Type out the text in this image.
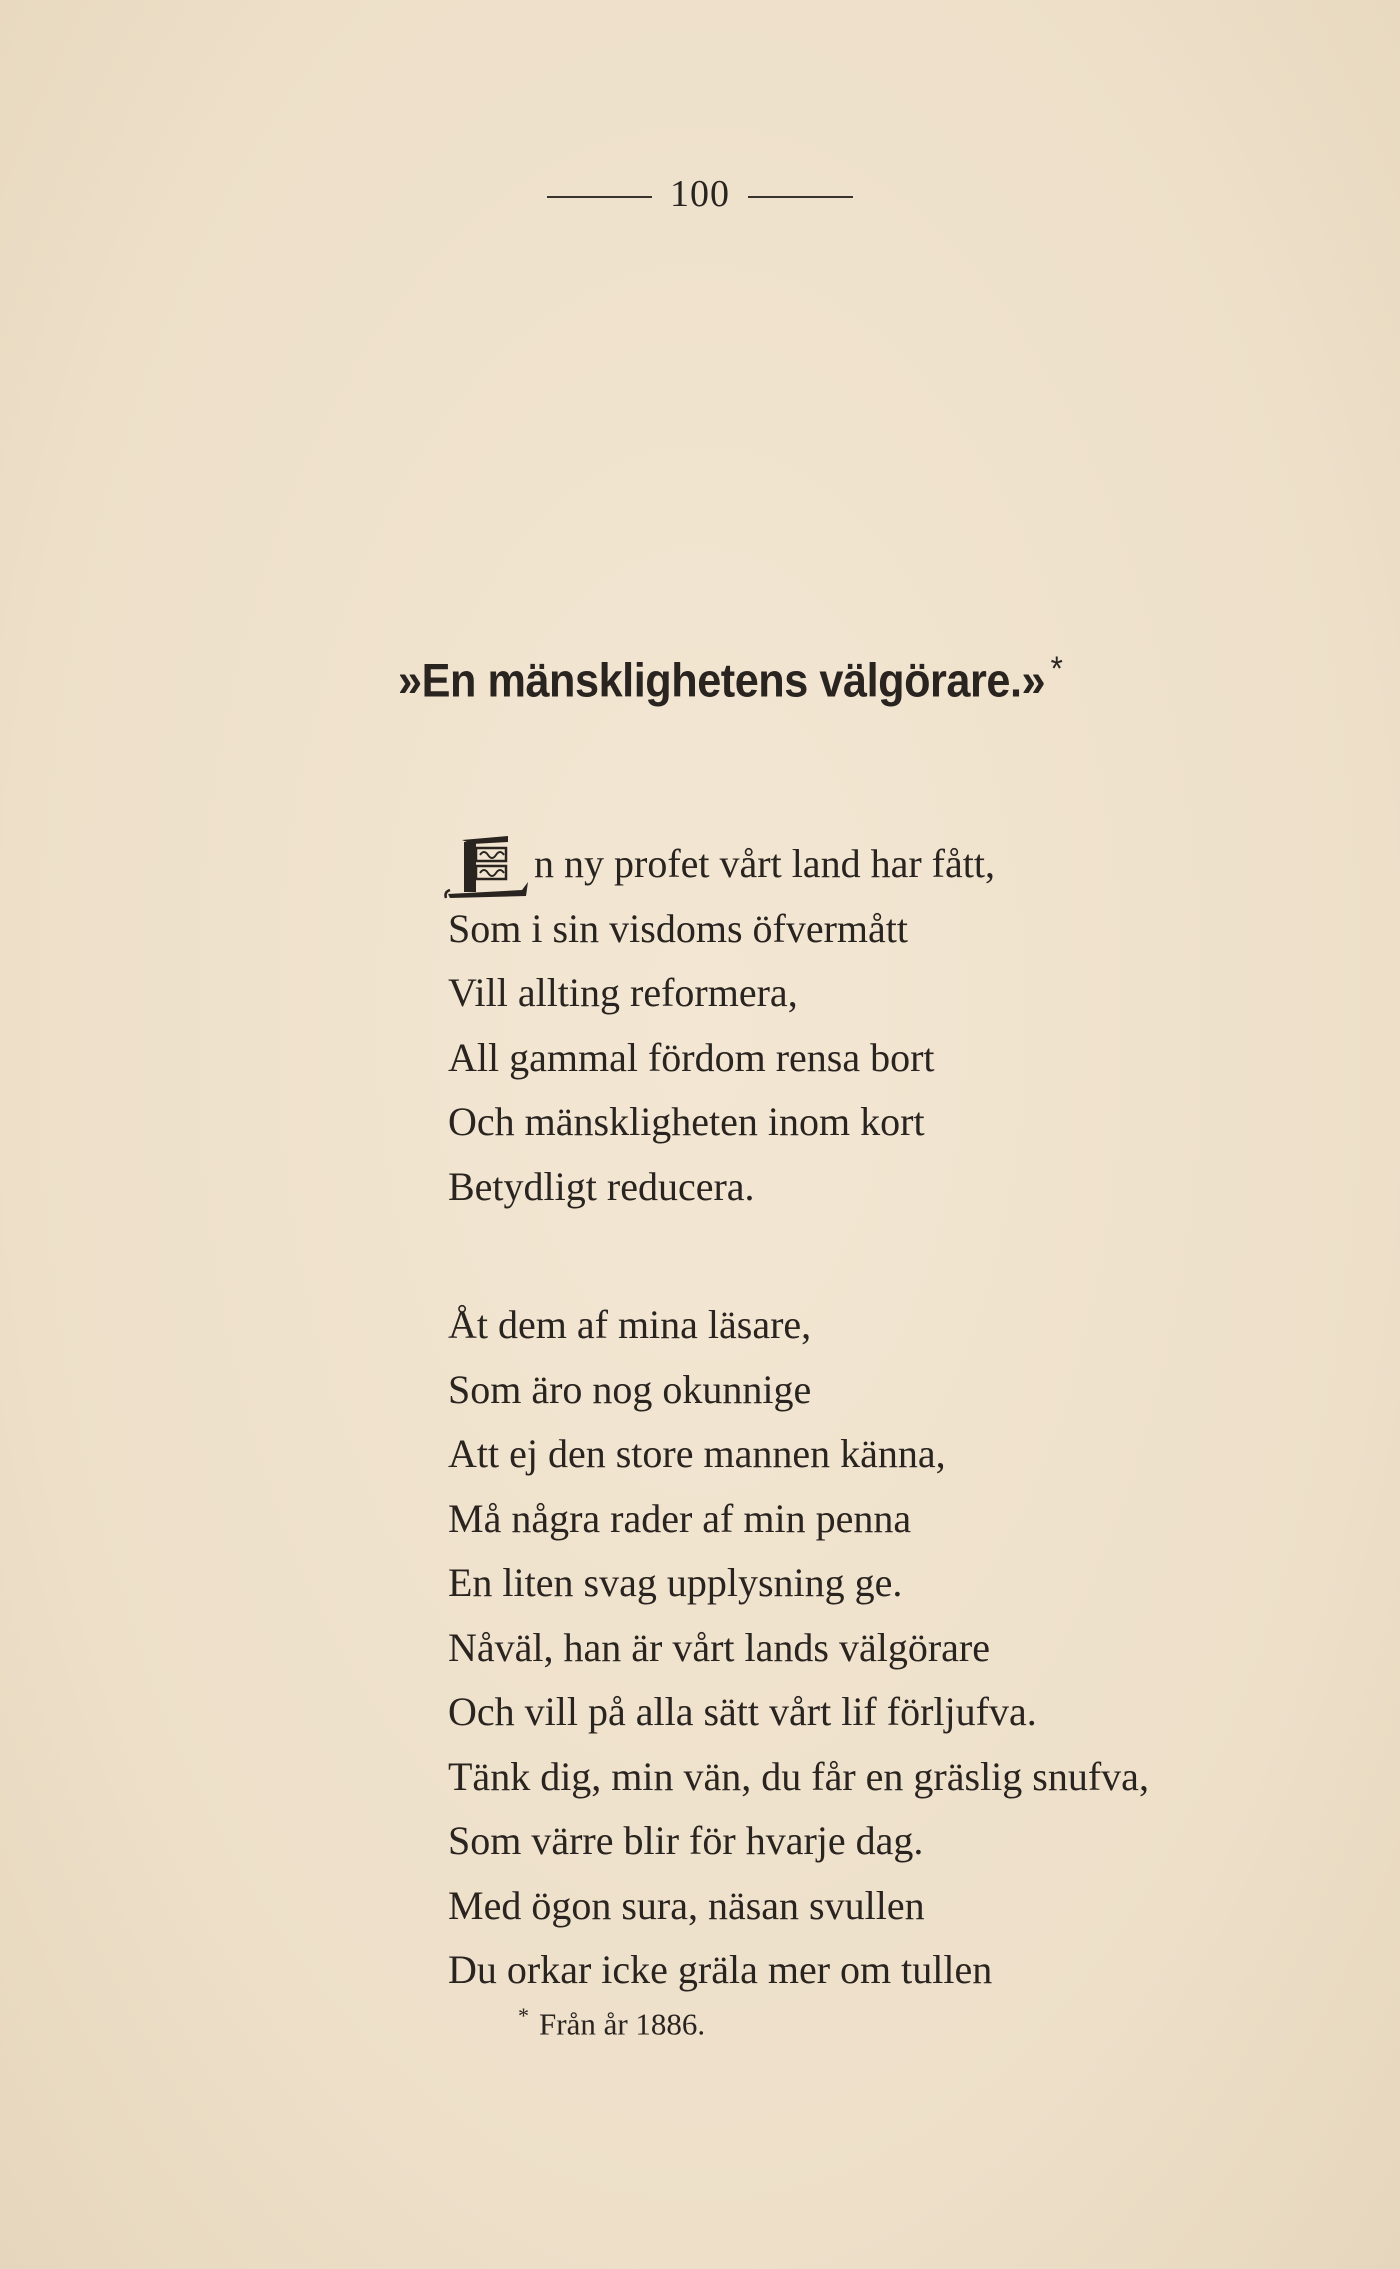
100
»En mänsklighetens välgörare.» *
n ny profet vårt land har fått,
Som i sin visdoms öfvermått
Vill allting reformera,
All gammal fördom rensa bort
Och mänskligheten inom kort
Betydligt reducera.
Åt dem af mina läsare,
Som äro nog okunnige
Att ej den store mannen känna,
Må några rader af min penna
En liten svag upplysning ge.
Nåväl, han är vårt lands välgörare
Och vill på alla sätt vårt lif förljufva.
Tänk dig, min vän, du får en gräslig snufva,
Som värre blir för hvarje dag.
Med ögon sura, näsan svullen
Du orkar icke gräla mer om tullen
* Från år 1886.
